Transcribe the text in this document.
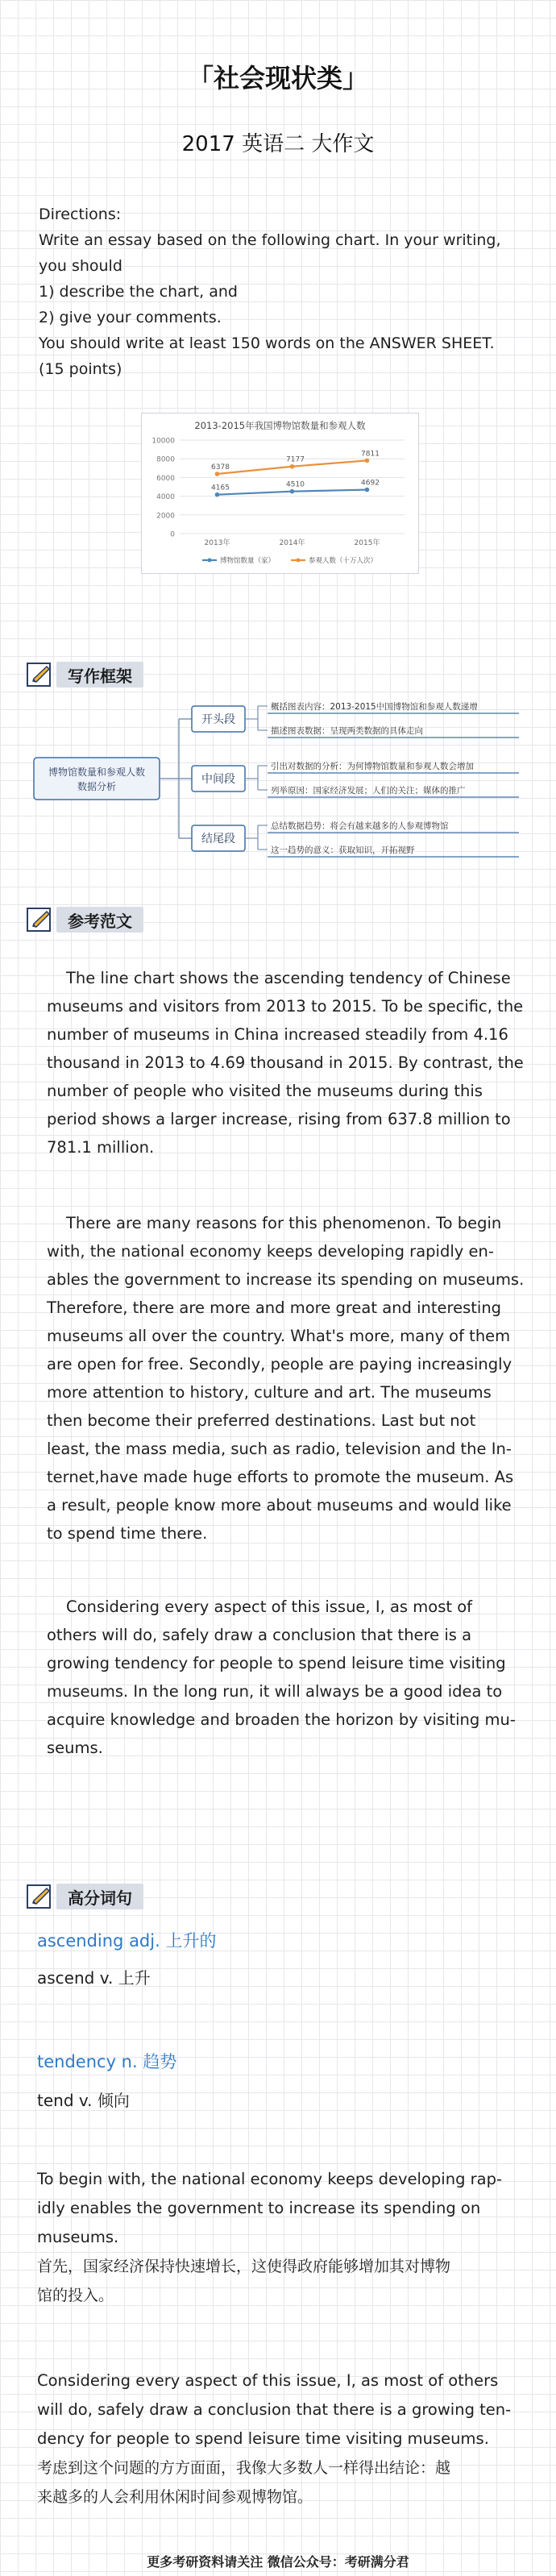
「社会现状类」
2017 英语二 大作文

Directions:

Write an essay based on the following chart. In your writing,

you should

1) describe the chart, and

2) give your comments.

You should write at least 150 words on the ANSWER SHEET.

(15 points)

2013-2015年我国博物馆数量和参观人数
0
2000
4000
6000
8000
10000
2013年	2014年	2015年
4165	4510	4692
6378
7177
7811
博物馆数量（家）	参观人数（十万人次）
写作框架
博物馆数量和参观人数
数据分析
开头段
概括图表内容：2013-2015中国博物馆和参观人数递增
描述图表数据：呈现两类数据的具体走向
中间段
引出对数据的分析：为何博物馆数量和参观人数会增加
列举原因：国家经济发展；人们的关注；媒体的推广
结尾段
总结数据趋势：将会有越来越多的人参观博物馆
这一趋势的意义：获取知识，开拓视野
参考范文

The line chart shows the ascending tendency of Chinese

museums and visitors from 2013 to 2015. To be specific, the

number of museums in China increased steadily from 4.16

thousand in 2013 to 4.69 thousand in 2015. By contrast, the

number of people who visited the museums during this

period shows a larger increase, rising from 637.8 million to

781.1 million.

There are many reasons for this phenomenon. To begin

with, the national economy keeps developing rapidly en-

ables the government to increase its spending on museums.

Therefore, there are more and more great and interesting

museums all over the country. What's more, many of them

are open for free. Secondly, people are paying increasingly

more attention to history, culture and art. The museums

then become their preferred destinations. Last but not

least, the mass media, such as radio, television and the In-

ternet,have made huge efforts to promote the museum. As

a result, people know more about museums and would like

to spend time there.

Considering every aspect of this issue, I, as most of

others will do, safely draw a conclusion that there is a

growing tendency for people to spend leisure time visiting

museums. In the long run, it will always be a good idea to

acquire knowledge and broaden the horizon by visiting mu-

seums.

高分词句
ascending adj. 上升的
ascend v. 上升
tendency n. 趋势
tend v. 倾向

To begin with, the national economy keeps developing rap-

idly enables the government to increase its spending on

museums.

首先，国家经济保持快速增长，这使得政府能够增加其对博物

馆的投入。

Considering every aspect of this issue, I, as most of others

will do, safely draw a conclusion that there is a growing ten-

dency for people to spend leisure time visiting museums.

考虑到这个问题的方方面面，我像大多数人一样得出结论：越

来越多的人会利用休闲时间参观博物馆。

更多考研资料请关注 微信公众号：考研满分君
